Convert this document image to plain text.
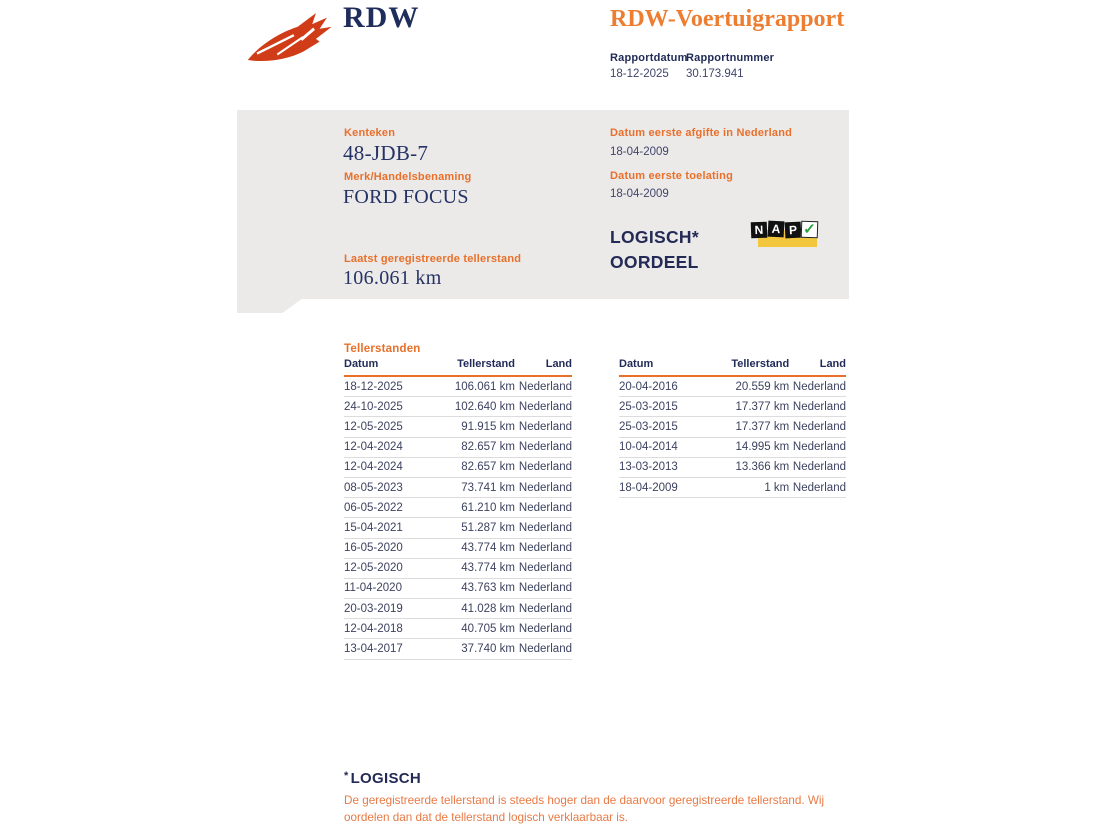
RDW	RDW-Voertuigrapport
Rapportdatum
18-12-2025
Rapportnummer
30.173.941
Kenteken
48-JDB-7
Merk/Handelsbenaming
FORD FOCUS
Datum eerste afgifte in Nederland
18-04-2009
Datum eerste toelating
18-04-2009
LOGISCH*
OORDEEL
N A P ✓
Laatst geregistreerde tellerstand
106.061 km
Tellerstanden
Datum	Tellerstand	Land
18-12-2025	106.061 km	Nederland
24-10-2025	102.640 km	Nederland
12-05-2025	91.915 km	Nederland
12-04-2024	82.657 km	Nederland
12-04-2024	82.657 km	Nederland
08-05-2023	73.741 km	Nederland
06-05-2022	61.210 km	Nederland
15-04-2021	51.287 km	Nederland
16-05-2020	43.774 km	Nederland
12-05-2020	43.774 km	Nederland
11-04-2020	43.763 km	Nederland
20-03-2019	41.028 km	Nederland
12-04-2018	40.705 km	Nederland
13-04-2017	37.740 km	Nederland
Datum	Tellerstand	Land
20-04-2016	20.559 km	Nederland
25-03-2015	17.377 km	Nederland
25-03-2015	17.377 km	Nederland
10-04-2014	14.995 km	Nederland
13-03-2013	13.366 km	Nederland
18-04-2009	1 km	Nederland
* LOGISCH
De geregistreerde tellerstand is steeds hoger dan de daarvoor geregistreerde tellerstand. Wij oordelen dan dat de tellerstand logisch verklaarbaar is.
